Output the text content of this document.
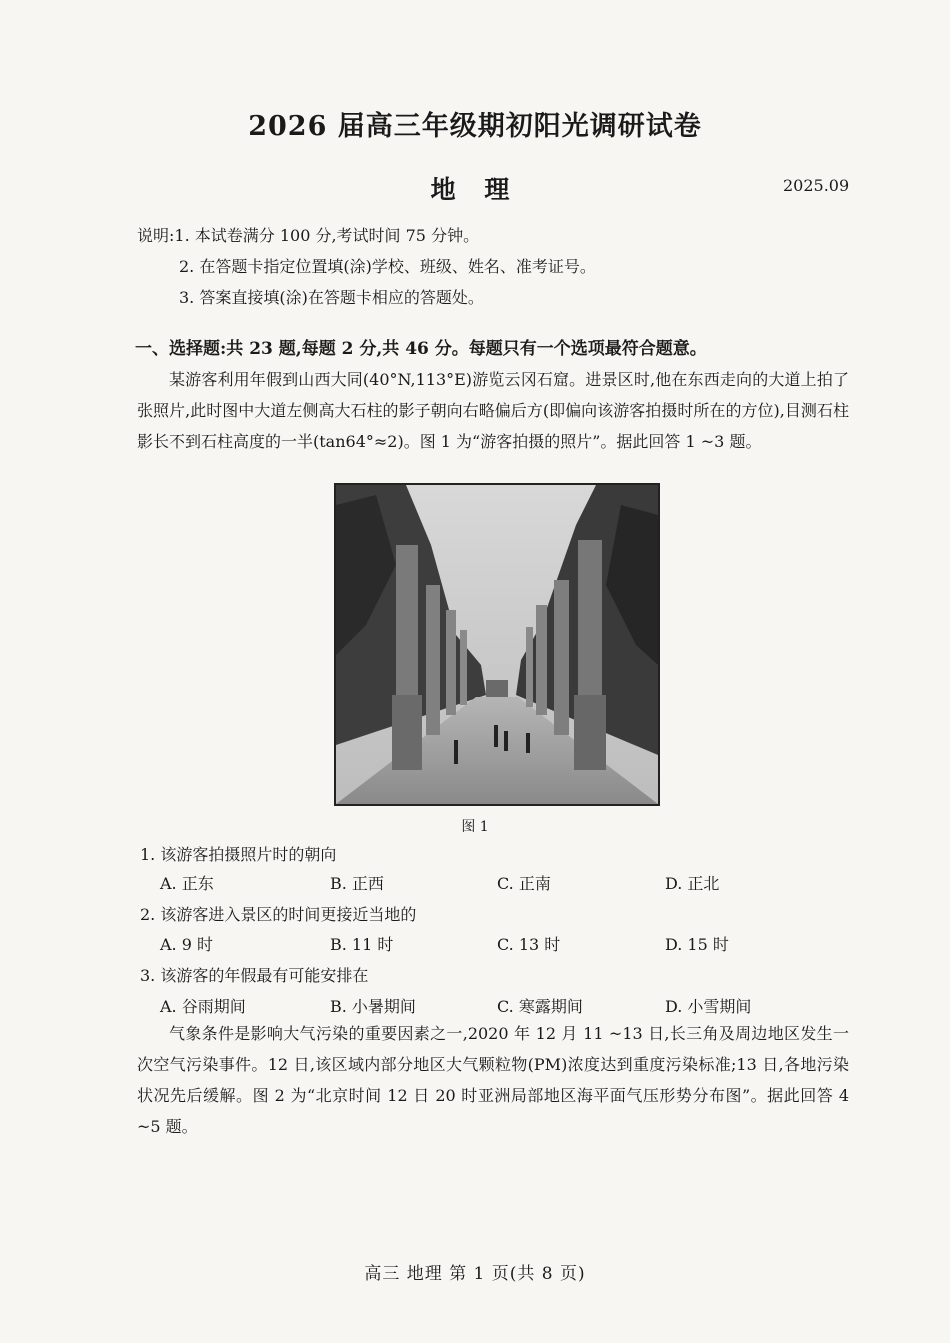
2026 届高三年级期初阳光调研试卷
地 理	2025.09
说明:1. 本试卷满分 100 分,考试时间 75 分钟。
2. 在答题卡指定位置填(涂)学校、班级、姓名、准考证号。
3. 答案直接填(涂)在答题卡相应的答题处。
一、选择题:共 23 题,每题 2 分,共 46 分。每题只有一个选项最符合题意。
某游客利用年假到山西大同(40°N,113°E)游览云冈石窟。进景区时,他在东西走向的大道上拍了张照片,此时图中大道左侧高大石柱的影子朝向右略偏后方(即偏向该游客拍摄时所在的方位),目测石柱影长不到石柱高度的一半(tan64°≈2)。图 1 为“游客拍摄的照片”。据此回答 1 ~3 题。
图 1
1. 该游客拍摄照片时的朝向
A. 正东	B. 正西	C. 正南	D. 正北
2. 该游客进入景区的时间更接近当地的
A. 9 时	B. 11 时	C. 13 时	D. 15 时
3. 该游客的年假最有可能安排在
A. 谷雨期间	B. 小暑期间	C. 寒露期间	D. 小雪期间
气象条件是影响大气污染的重要因素之一,2020 年 12 月 11 ~13 日,长三角及周边地区发生一次空气污染事件。12 日,该区域内部分地区大气颗粒物(PM)浓度达到重度污染标准;13 日,各地污染状况先后缓解。图 2 为“北京时间 12 日 20 时亚洲局部地区海平面气压形势分布图”。据此回答 4 ~5 题。
高三 地理 第 1 页(共 8 页)
